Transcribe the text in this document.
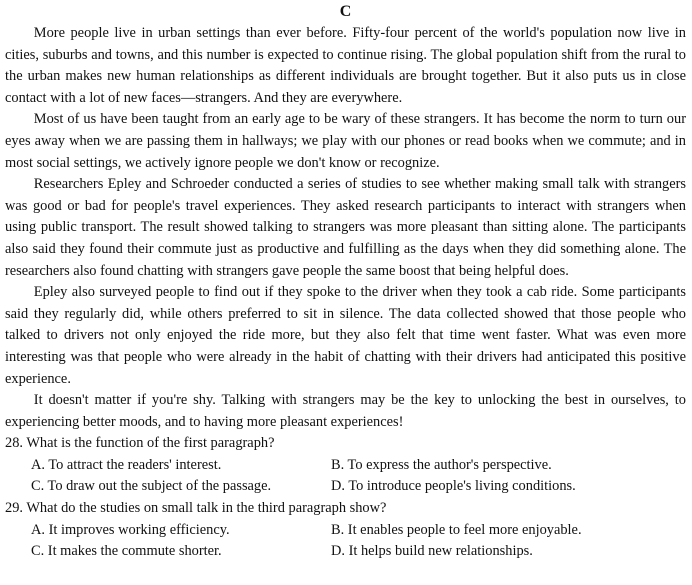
C

More people live in urban settings than ever before. Fifty-four percent of the world's population now live in cities, suburbs and towns, and this number is expected to continue rising. The global population shift from the rural to the urban makes new human relationships as different individuals are brought together. But it also puts us in close contact with a lot of new faces—strangers. And they are everywhere.

Most of us have been taught from an early age to be wary of these strangers. It has become the norm to turn our eyes away when we are passing them in hallways; we play with our phones or read books when we commute; and in most social settings, we actively ignore people we don't know or recognize.

Researchers Epley and Schroeder conducted a series of studies to see whether making small talk with strangers was good or bad for people's travel experiences. They asked research participants to interact with strangers when using public transport. The result showed talking to strangers was more pleasant than sitting alone. The participants also said they found their commute just as productive and fulfilling as the days when they did something alone. The researchers also found chatting with strangers gave people the same boost that being helpful does.

Epley also surveyed people to find out if they spoke to the driver when they took a cab ride. Some participants said they regularly did, while others preferred to sit in silence. The data collected showed that those people who talked to drivers not only enjoyed the ride more, but they also felt that time went faster. What was even more interesting was that people who were already in the habit of chatting with their drivers had anticipated this positive experience.

It doesn't matter if you're shy. Talking with strangers may be the key to unlocking the best in ourselves, to experiencing better moods, and to having more pleasant experiences!

28. What is the function of the first paragraph?
A. To attract the readers' interest.	B. To express the author's perspective.
C. To draw out the subject of the passage.	D. To introduce people's living conditions.
29. What do the studies on small talk in the third paragraph show?
A. It improves working efficiency.	B. It enables people to feel more enjoyable.
C. It makes the commute shorter.	D. It helps build new relationships.
